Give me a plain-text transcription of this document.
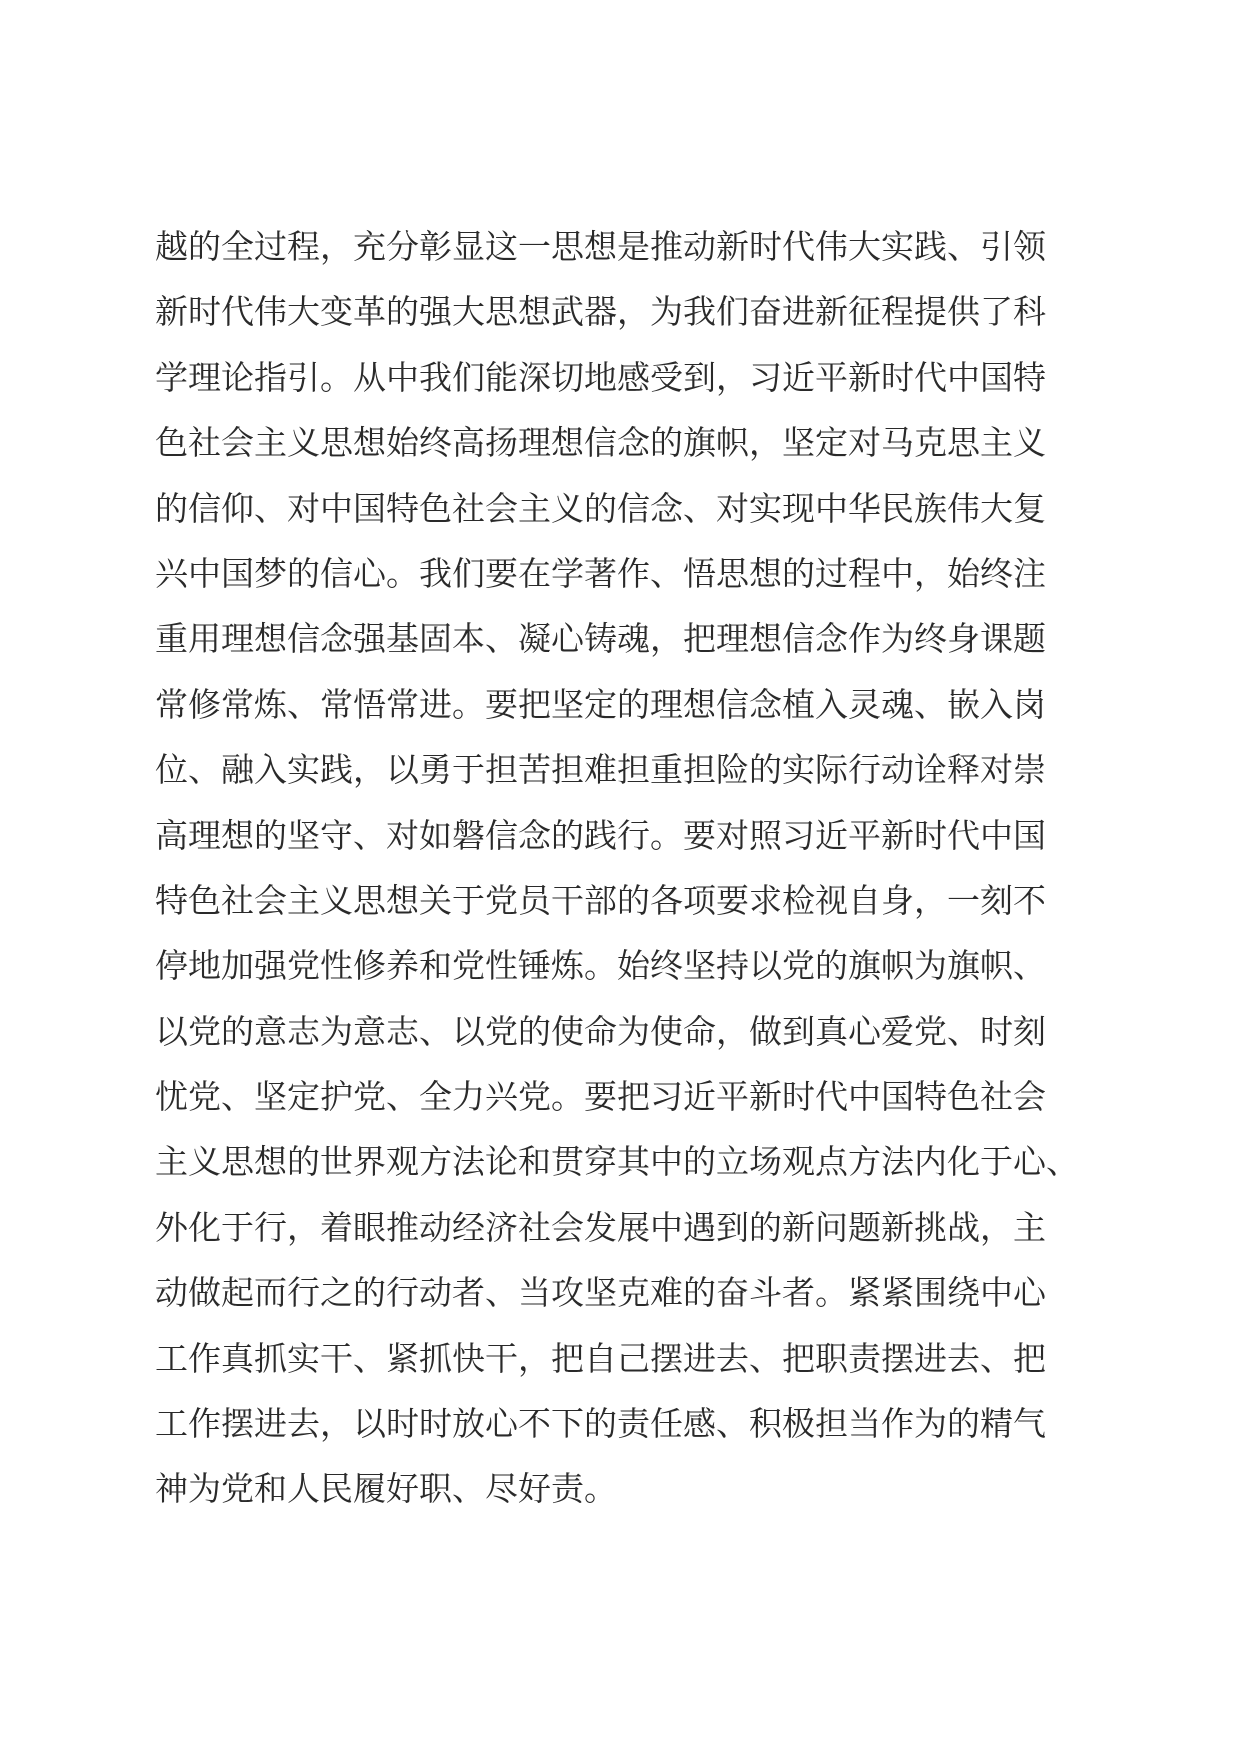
越的全过程，充分彰显这一思想是推动新时代伟大实践、引领
新时代伟大变革的强大思想武器，为我们奋进新征程提供了科
学理论指引。从中我们能深切地感受到，习近平新时代中国特
色社会主义思想始终高扬理想信念的旗帜，坚定对马克思主义
的信仰、对中国特色社会主义的信念、对实现中华民族伟大复
兴中国梦的信心。我们要在学著作、悟思想的过程中，始终注
重用理想信念强基固本、凝心铸魂，把理想信念作为终身课题
常修常炼、常悟常进。要把坚定的理想信念植入灵魂、嵌入岗
位、融入实践，以勇于担苦担难担重担险的实际行动诠释对崇
高理想的坚守、对如磐信念的践行。要对照习近平新时代中国
特色社会主义思想关于党员干部的各项要求检视自身，一刻不
停地加强党性修养和党性锤炼。始终坚持以党的旗帜为旗帜、
以党的意志为意志、以党的使命为使命，做到真心爱党、时刻
忧党、坚定护党、全力兴党。要把习近平新时代中国特色社会
主义思想的世界观方法论和贯穿其中的立场观点方法内化于心、
外化于行，着眼推动经济社会发展中遇到的新问题新挑战，主
动做起而行之的行动者、当攻坚克难的奋斗者。紧紧围绕中心
工作真抓实干、紧抓快干，把自己摆进去、把职责摆进去、把
工作摆进去，以时时放心不下的责任感、积极担当作为的精气
神为党和人民履好职、尽好责。
